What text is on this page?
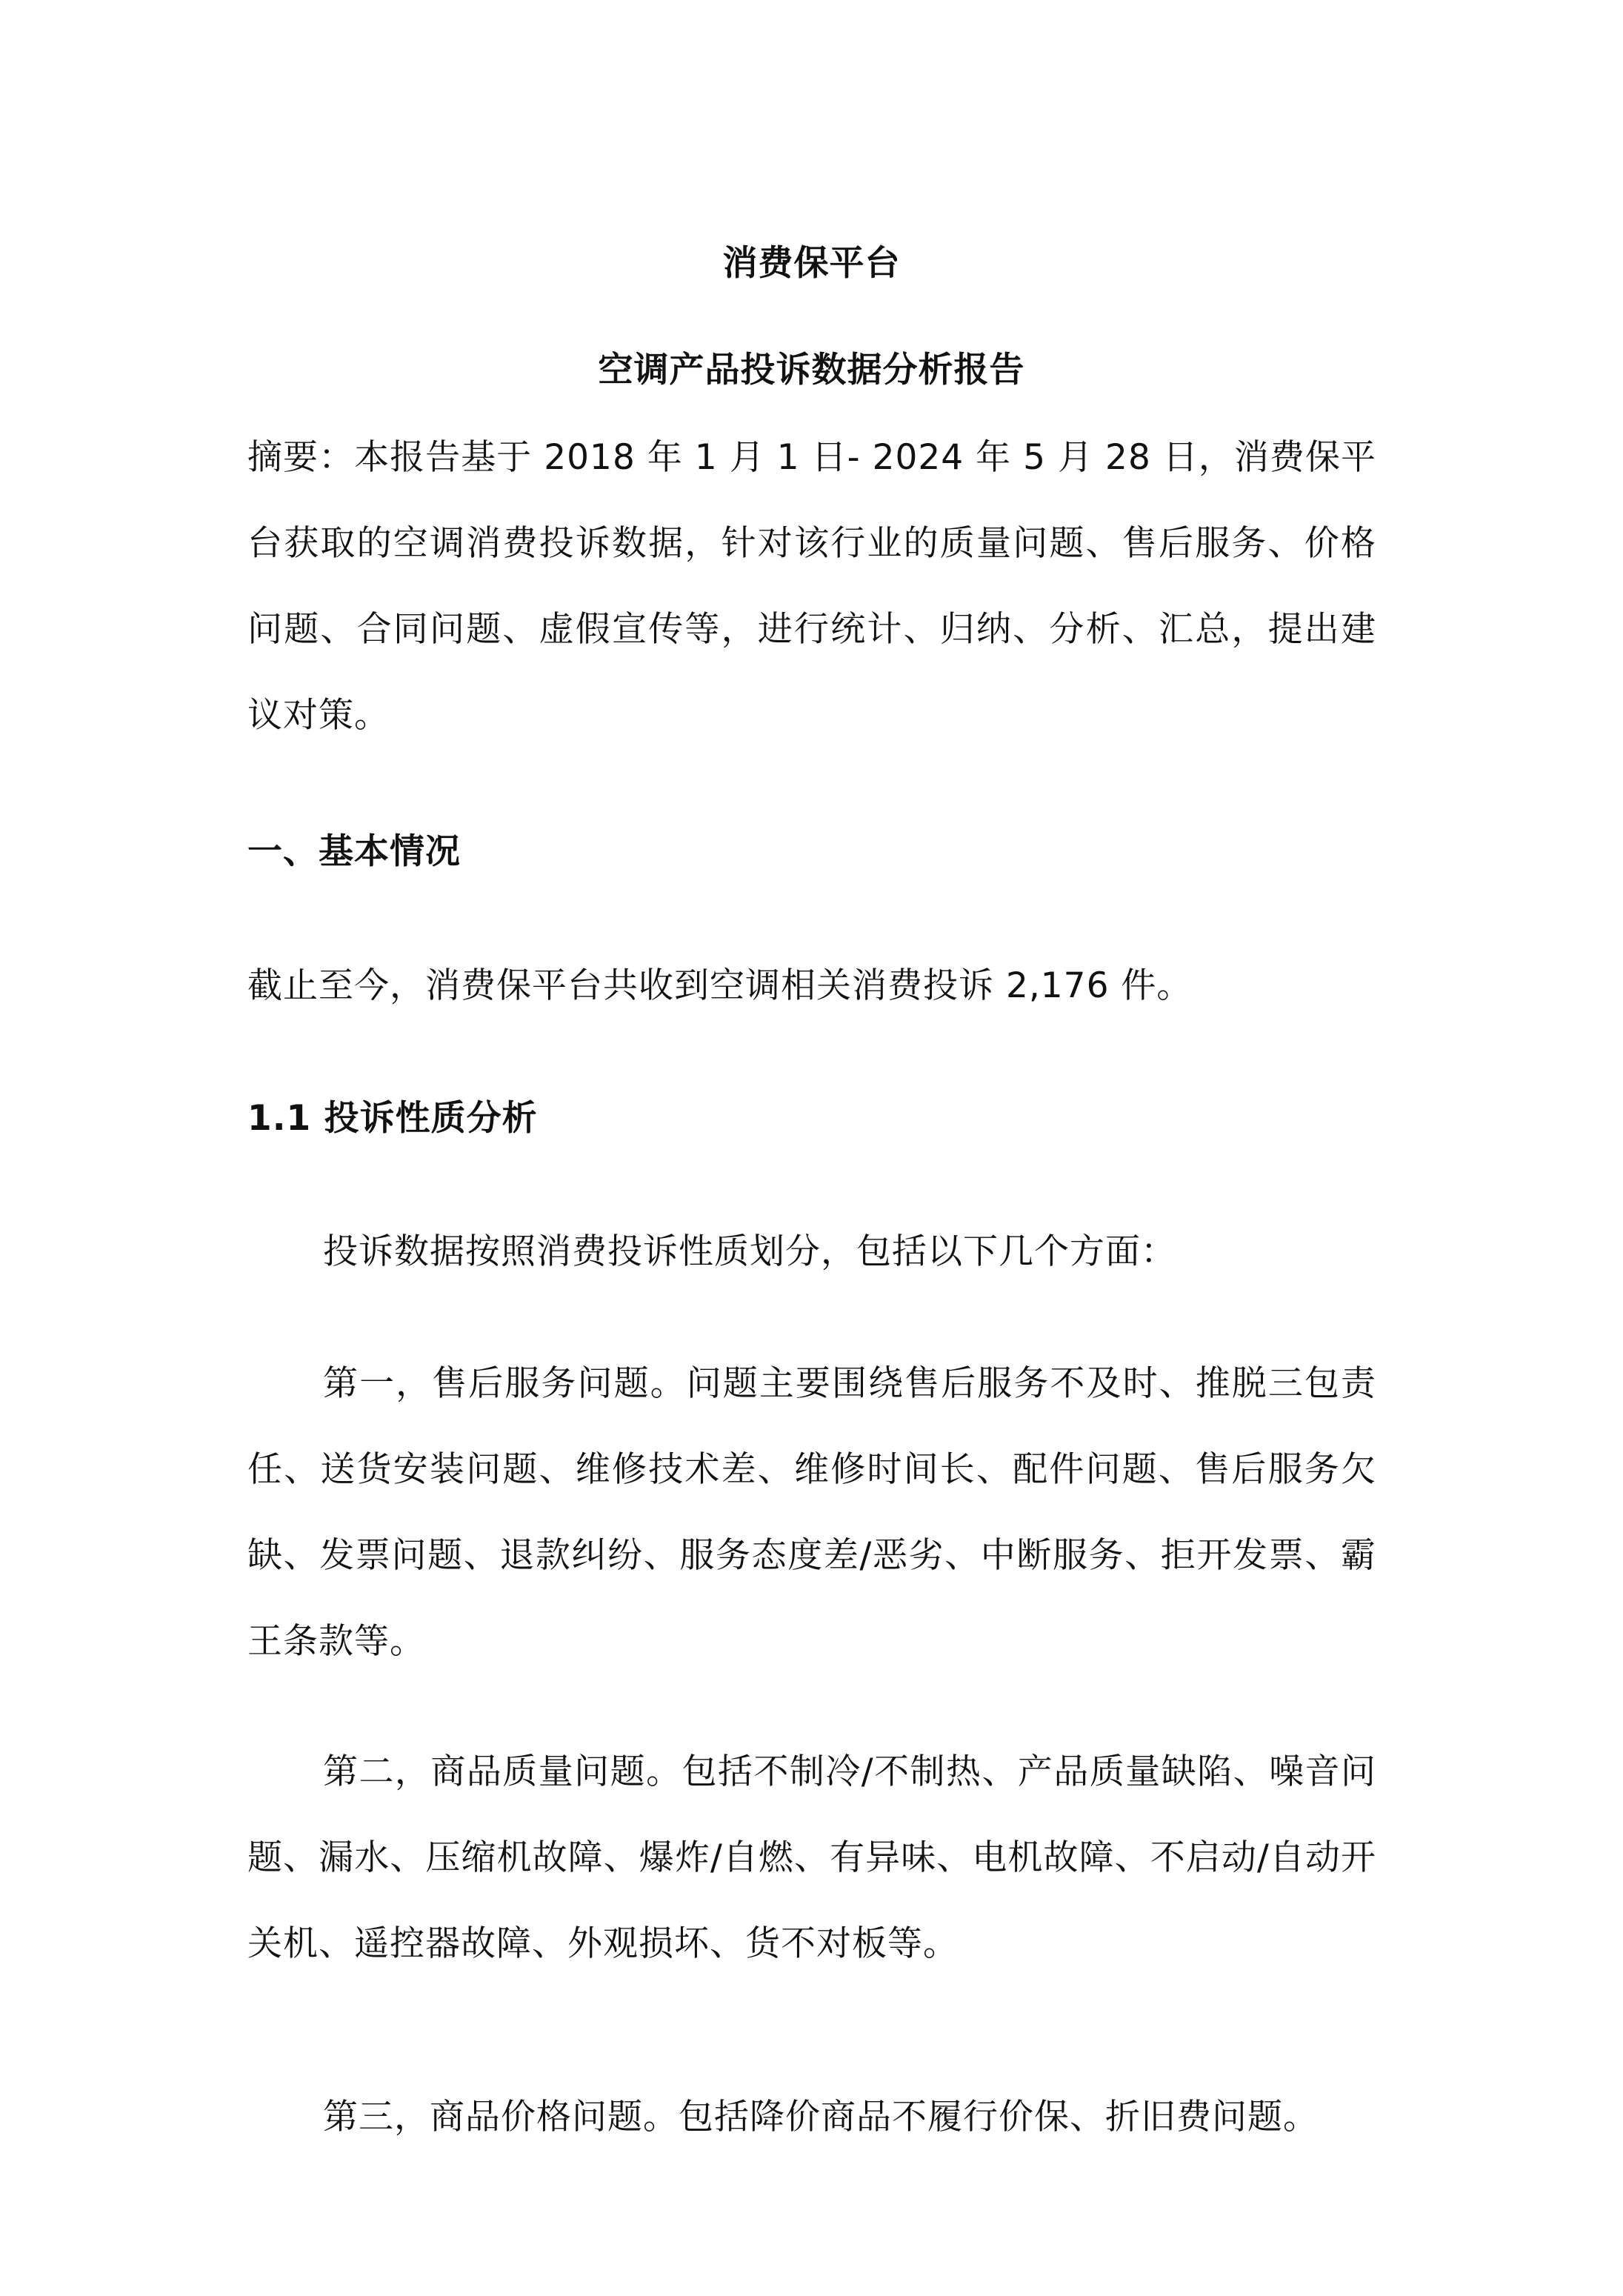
消费保平台
空调产品投诉数据分析报告
摘要：本报告基于 2018 年 1 月 1 日- 2024 年 5 月 28 日，消费保平台获取的空调消费投诉数据，针对该行业的质量问题、售后服务、价格问题、合同问题、虚假宣传等，进行统计、归纳、分析、汇总，提出建议对策。
一、基本情况
截止至今，消费保平台共收到空调相关消费投诉 2,176 件。
1.1 投诉性质分析
投诉数据按照消费投诉性质划分，包括以下几个方面：
第一，售后服务问题。问题主要围绕售后服务不及时、推脱三包责任、送货安装问题、维修技术差、维修时间长、配件问题、售后服务欠缺、发票问题、退款纠纷、服务态度差/恶劣、中断服务、拒开发票、霸王条款等。
第二，商品质量问题。包括不制冷/不制热、产品质量缺陷、噪音问题、漏水、压缩机故障、爆炸/自燃、有异味、电机故障、不启动/自动开关机、遥控器故障、外观损坏、货不对板等。
第三，商品价格问题。包括降价商品不履行价保、折旧费问题。
